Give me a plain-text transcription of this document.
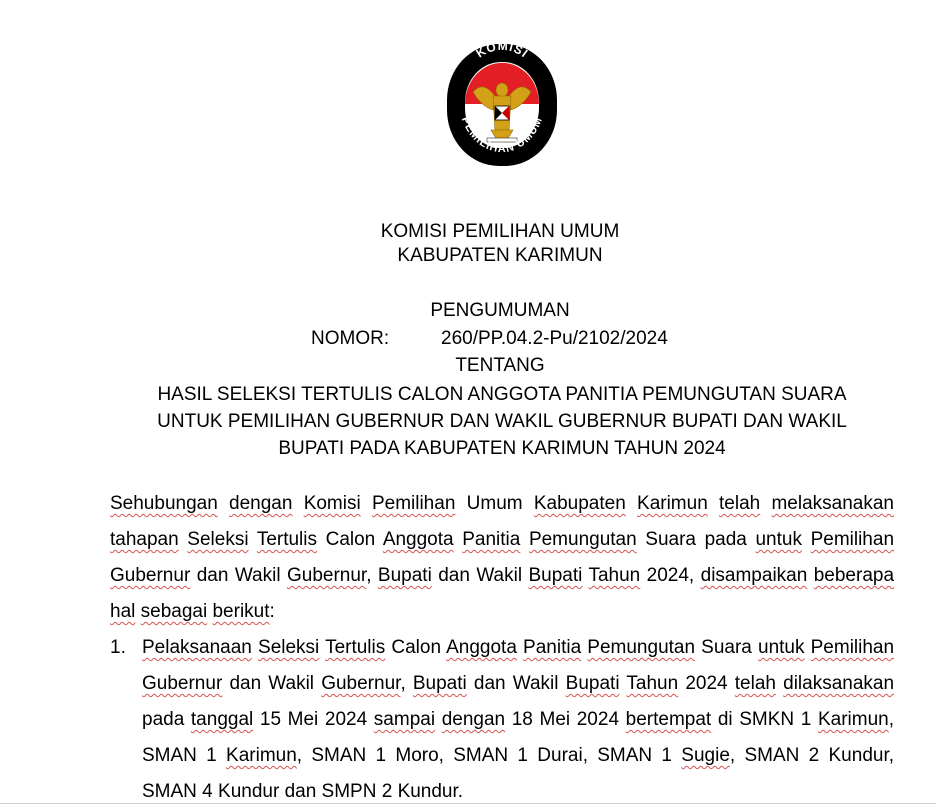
KOMISI
PEMILIHAN UMUM
KOMISI PEMILIHAN UMUM
KABUPATEN KARIMUN
PENGUMUMAN
NOMOR:	260/PP.04.2-Pu/2102/2024
TENTANG
HASIL SELEKSI TERTULIS CALON ANGGOTA PANITIA PEMUNGUTAN SUARA
UNTUK PEMILIHAN GUBERNUR DAN WAKIL GUBERNUR BUPATI DAN WAKIL
BUPATI PADA KABUPATEN KARIMUN TAHUN 2024
Sehubungan dengan Komisi Pemilihan Umum Kabupaten Karimun telah melaksanakan tahapan Seleksi Tertulis Calon Anggota Panitia Pemungutan Suara pada untuk Pemilihan Gubernur dan Wakil Gubernur, Bupati dan Wakil Bupati Tahun 2024, disampaikan beberapa hal sebagai berikut:
1. Pelaksanaan Seleksi Tertulis Calon Anggota Panitia Pemungutan Suara untuk Pemilihan Gubernur dan Wakil Gubernur, Bupati dan Wakil Bupati Tahun 2024 telah dilaksanakan pada tanggal 15 Mei 2024 sampai dengan 18 Mei 2024 bertempat di SMKN 1 Karimun, SMAN 1 Karimun, SMAN 1 Moro, SMAN 1 Durai, SMAN 1 Sugie, SMAN 2 Kundur, SMAN 4 Kundur dan SMPN 2 Kundur.
